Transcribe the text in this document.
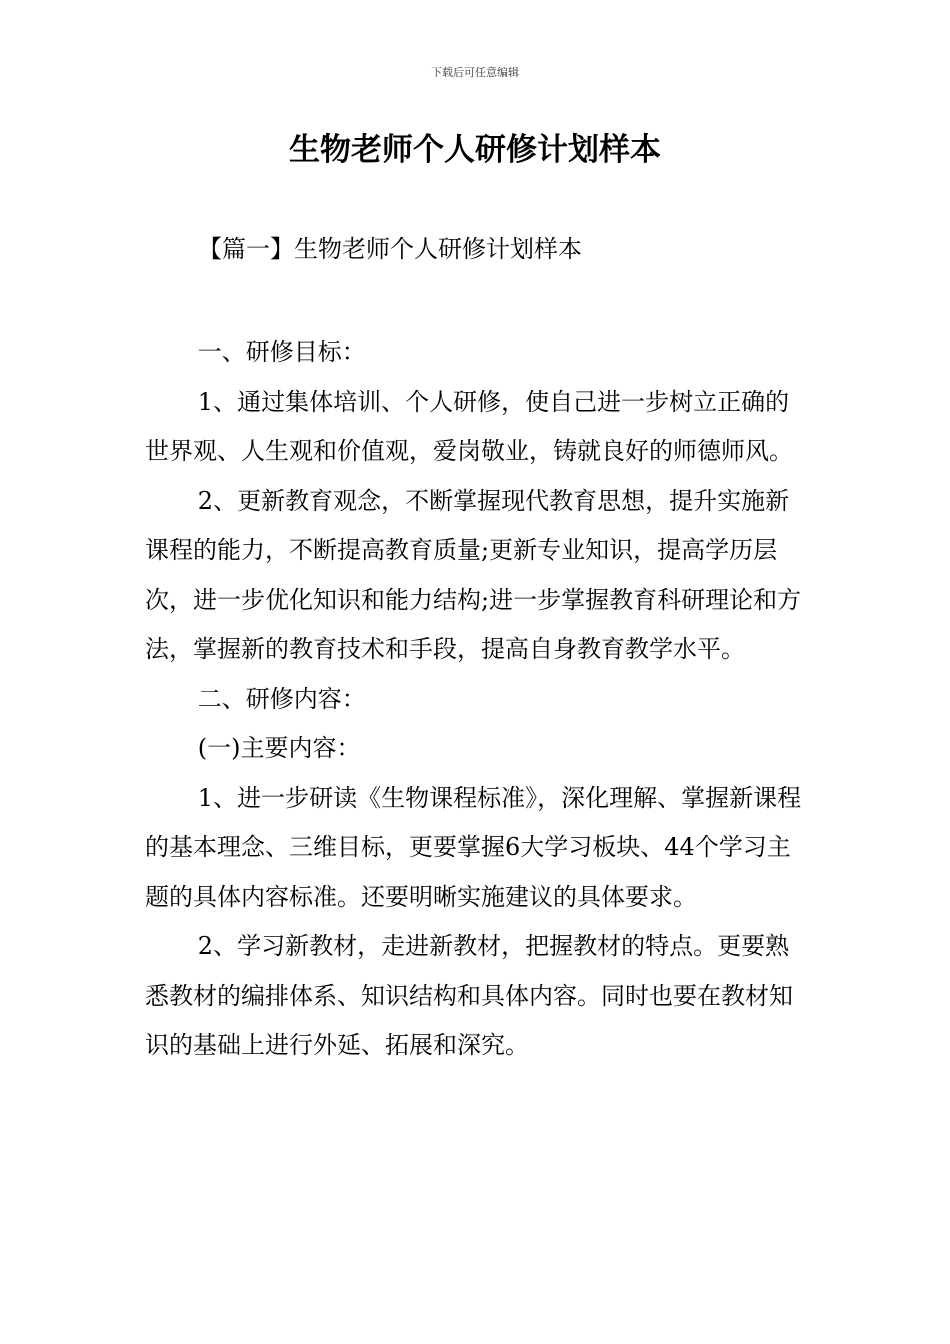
下载后可任意编辑
生物老师个人研修计划样本
【篇一】生物老师个人研修计划样本

一、研修目标：

1、通过集体培训、个人研修，使自己进一步树立正确的世界观、人生观和价值观，爱岗敬业，铸就良好的师德师风。

2、更新教育观念，不断掌握现代教育思想，提升实施新课程的能力，不断提高教育质量;更新专业知识，提高学历层次，进一步优化知识和能力结构;进一步掌握教育科研理论和方法，掌握新的教育技术和手段，提高自身教育教学水平。

二、研修内容：

(一)主要内容：

1、进一步研读《生物课程标准》，深化理解、掌握新课程的基本理念、三维目标，更要掌握6大学习板块、44个学习主题的具体内容标准。还要明晰实施建议的具体要求。

2、学习新教材，走进新教材，把握教材的特点。更要熟悉教材的编排体系、知识结构和具体内容。同时也要在教材知识的基础上进行外延、拓展和深究。
